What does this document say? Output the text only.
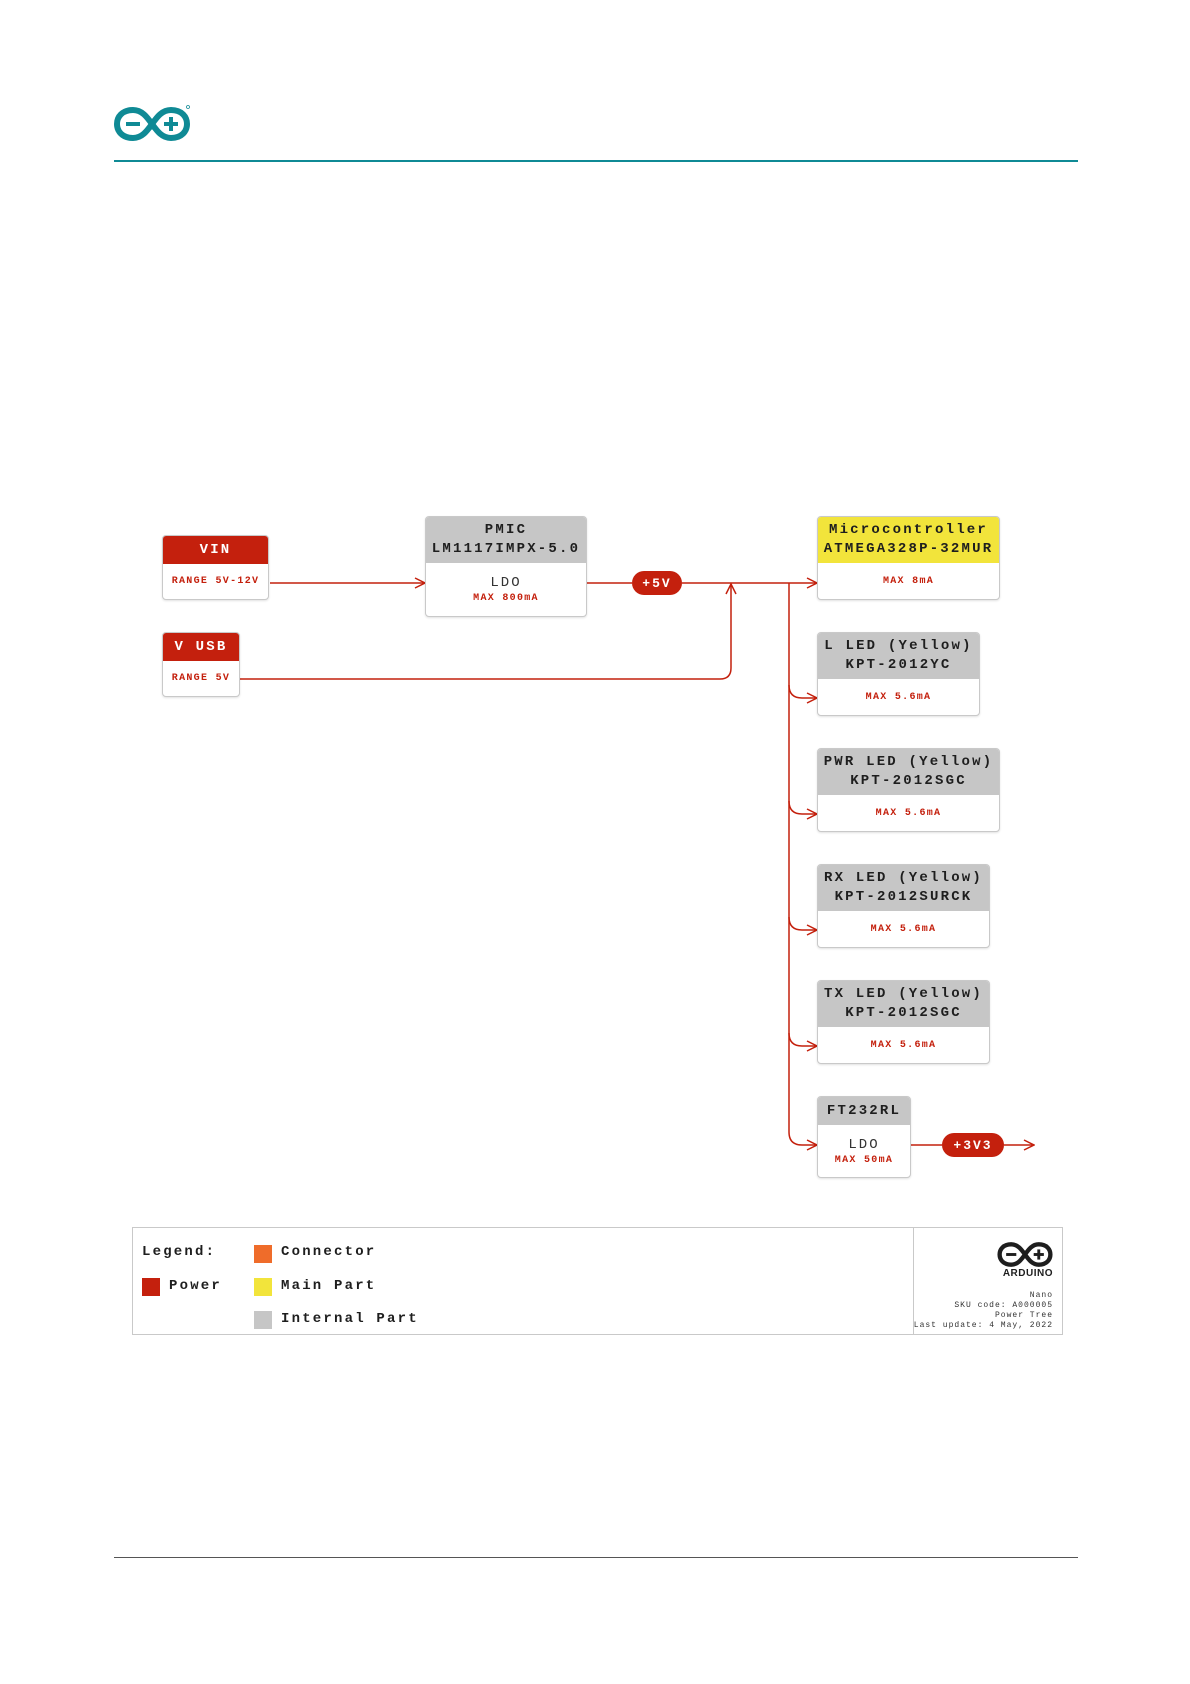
VIN
RANGE 5V-12V
V USB
RANGE 5V
PMIC
LM1117IMPX-5.0
LDO
MAX 800mA
+5V
Microcontroller
ATMEGA328P-32MUR
MAX 8mA
L LED (Yellow)
KPT-2012YC
MAX 5.6mA
PWR LED (Yellow)
KPT-2012SGC
MAX 5.6mA
RX LED (Yellow)
KPT-2012SURCK
MAX 5.6mA
TX LED (Yellow)
KPT-2012SGC
MAX 5.6mA
FT232RL
LDO
MAX 50mA
+3V3
Legend:	Connector
Power	Main Part
Internal Part
ARDUINO
Nano
SKU code: A000005
Power Tree
Last update: 4 May, 2022
